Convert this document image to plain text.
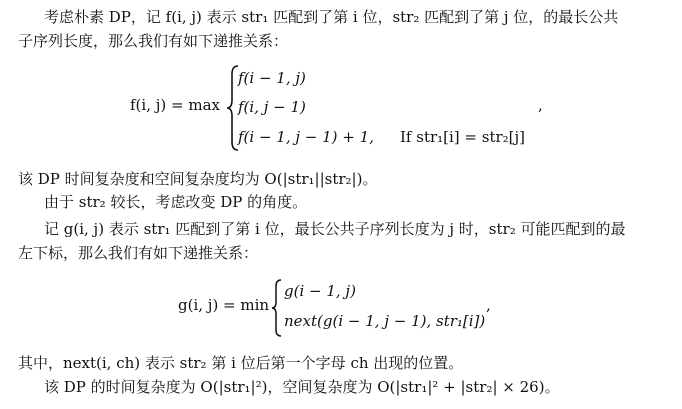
考虑朴素 DP，记 f(i, j) 表示 str₁ 匹配到了第 i 位，str₂ 匹配到了第 j 位，的最长公共
子序列长度，那么我们有如下递推关系：
f(i, j) = max
f(i − 1, j)
f(i, j − 1)
f(i − 1, j − 1) + 1, If str₁[i] = str₂[j]
,
该 DP 时间复杂度和空间复杂度均为 O(|str₁||str₂|)。
由于 str₂ 较长，考虑改变 DP 的角度。
记 g(i, j) 表示 str₁ 匹配到了第 i 位，最长公共子序列长度为 j 时，str₂ 可能匹配到的最
左下标，那么我们有如下递推关系：
g(i, j) = min
g(i − 1, j)
next(g(i − 1, j − 1), str₁[i])
,
其中，next(i, ch) 表示 str₂ 第 i 位后第一个字母 ch 出现的位置。
该 DP 的时间复杂度为 O(|str₁|²)，空间复杂度为 O(|str₁|² + |str₂| × 26)。
